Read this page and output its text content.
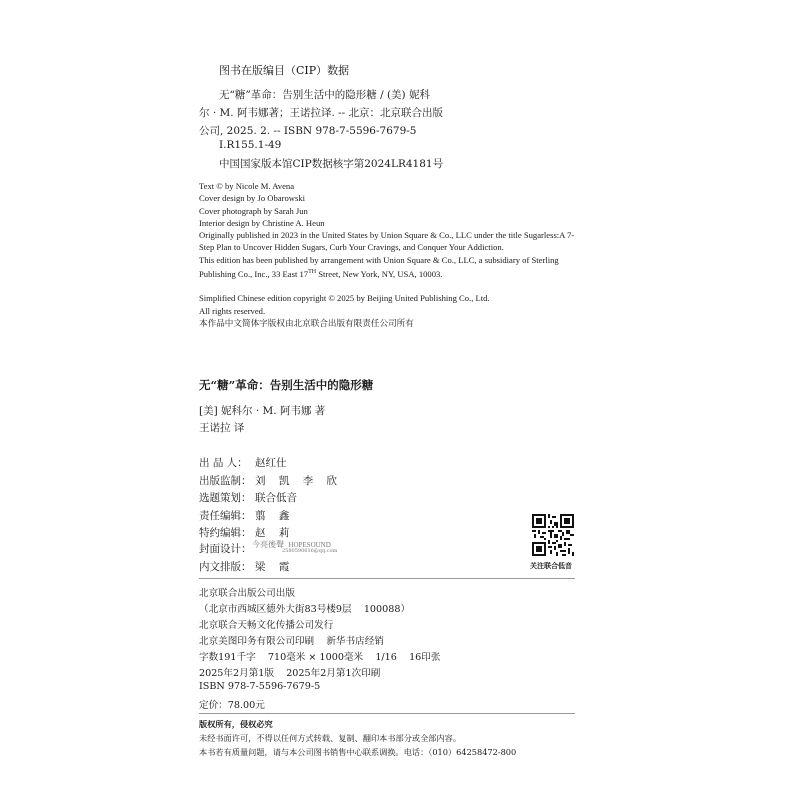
图书在版编目（CIP）数据
无“糖”革命：告别生活中的隐形糖 / (美) 妮科
尔 · M. 阿韦娜著；王诺拉译. -- 北京：北京联合出版
公司, 2025. 2. -- ISBN 978-7-5596-7679-5
Ⅰ.R155.1-49
中国国家版本馆CIP数据核字第2024LR4181号
Text © by Nicole M. Avena
Cover design by Jo Obarowski
Cover photograph by Sarah Jun
Interior design by Christine A. Heun
Originally published in 2023 in the United States by Union Square & Co., LLC under the title Sugarless:A 7-Step Plan to Uncover Hidden Sugars, Curb Your Cravings, and Conquer Your Addiction.
This edition has been published by arrangement with Union Square & Co., LLC, a subsidiary of Sterling Publishing Co., Inc., 33 East 17TH Street, New York, NY, USA, 10003.
Simplified Chinese edition copyright © 2025 by Beijing United Publishing Co., Ltd.
All rights reserved.
本作品中文简体字版权由北京联合出版有限责任公司所有
无“糖”革命：告别生活中的隐形糖
[美] 妮科尔 · M. 阿韦娜 著
王诺拉 译
出 品 人： 赵红仕
出版监制： 刘    凯    李    欣
选题策划： 联合低音
责任编辑： 翦    鑫
特约编辑： 赵    莉
封面设计：
内文排版： 梁    霞
今亮後聲 HOPESOUND
2580590616@qq.com
关注联合低音
北京联合出版公司出版
（北京市西城区德外大街83号楼9层    100088）
北京联合天畅文化传播公司发行
北京美图印务有限公司印刷    新华书店经销
字数191千字    710毫米 × 1000毫米    1/16    16印张
2025年2月第1版    2025年2月第1次印刷
ISBN 978-7-5596-7679-5
定价：78.00元
版权所有，侵权必究
未经书面许可，不得以任何方式转载、复制、翻印本书部分或全部内容。
本书若有质量问题，请与本公司图书销售中心联系调换。电话：（010）64258472-800
